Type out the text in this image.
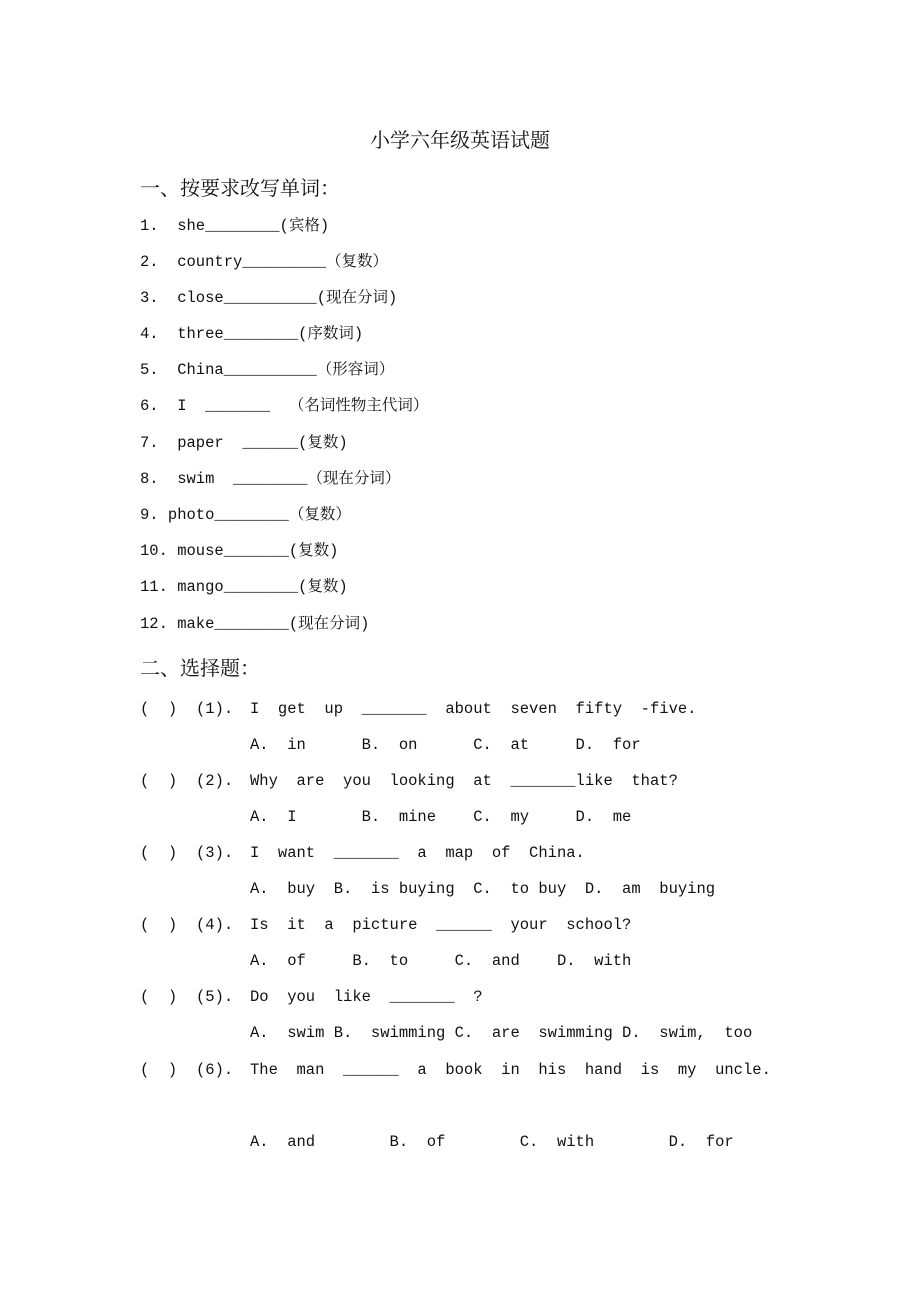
小学六年级英语试题
一、按要求改写单词：
1.  she________(宾格)
2.  country_________（复数）
3.  close__________(现在分词)
4.  three________(序数词)
5.  China__________（形容词）
6.  I  _______  （名词性物主代词）
7.  paper  ______(复数)
8.  swim  ________（现在分词）
9. photo________（复数）
10. mouse_______(复数)
11. mango________(复数)
12. make________(现在分词)
二、选择题：
(  ) (1). I  get  up  _______  about  seven  fifty  -five.
A.  in      B.  on      C.  at     D.  for
(  ) (2). Why  are  you  looking  at  _______like  that?
A.  I       B.  mine    C.  my     D.  me
(  ) (3). I  want  _______  a  map  of  China.
A.  buy  B.  is buying  C.  to buy  D.  am  buying
(  ) (4). Is  it  a  picture  ______  your  school?
A.  of     B.  to     C.  and    D.  with
(  ) (5). Do  you  like  _______  ?
A.  swim B.  swimming C.  are  swimming D.  swim,  too
(  ) (6). The  man  ______  a  book  in  his  hand  is  my  uncle.
A.  and        B.  of        C.  with        D.  for
